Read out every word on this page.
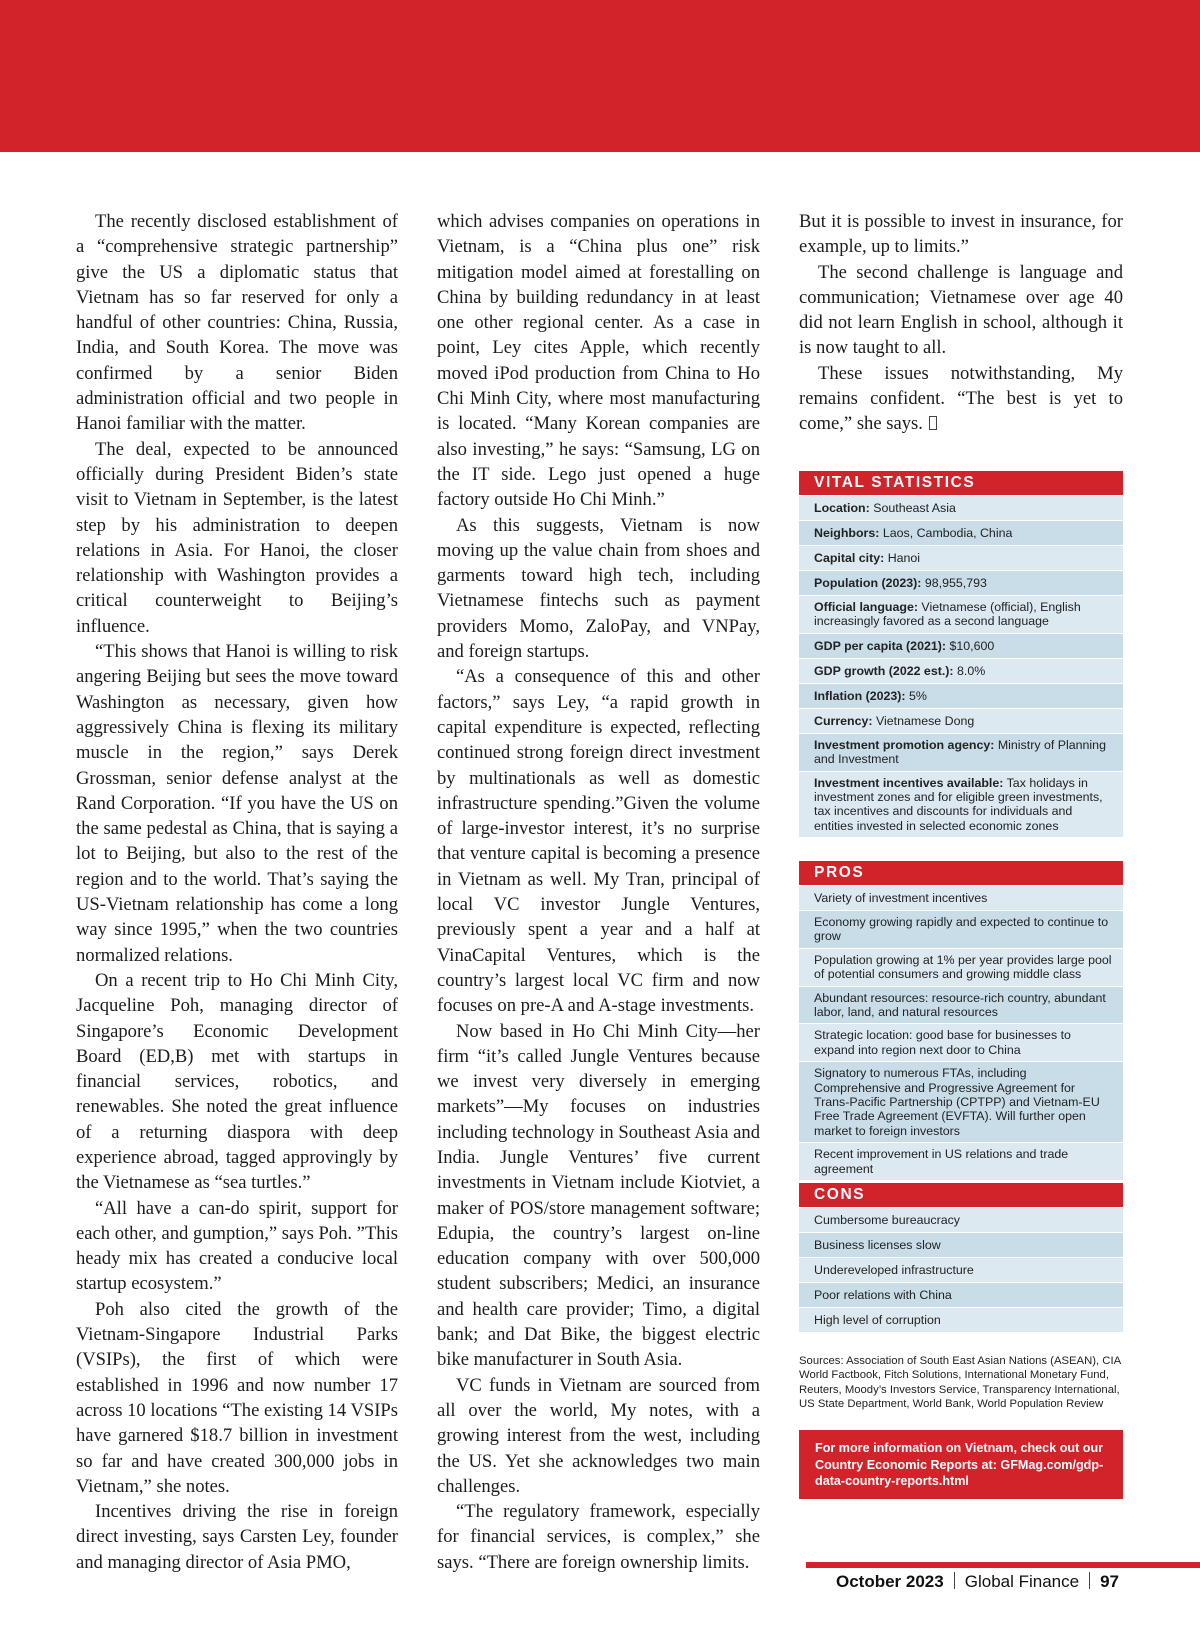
The recently disclosed establishment of a “comprehensive strategic partnership” give the US a diplomatic status that Vietnam has so far reserved for only a handful of other countries: China, Russia, India, and South Korea. The move was confirmed by a senior Biden administration official and two people in Hanoi familiar with the matter.

The deal, expected to be announced officially during President Biden’s state visit to Vietnam in September, is the latest step by his administration to deepen relations in Asia. For Hanoi, the closer relationship with Washington provides a critical counterweight to Beijing’s influence.

“This shows that Hanoi is willing to risk angering Beijing but sees the move toward Washington as necessary, given how aggressively China is flexing its military muscle in the region,” says Derek Grossman, senior defense analyst at the Rand Corporation. “If you have the US on the same pedestal as China, that is saying a lot to Beijing, but also to the rest of the region and to the world. That’s saying the US-Vietnam relationship has come a long way since 1995,” when the two countries normalized relations.

On a recent trip to Ho Chi Minh City, Jacqueline Poh, managing director of Singapore’s Economic Development Board (ED,B) met with startups in financial services, robotics, and renewables. She noted the great influence of a returning diaspora with deep experience abroad, tagged approvingly by the Vietnamese as “sea turtles.”

“All have a can-do spirit, support for each other, and gumption,” says Poh. ”This heady mix has created a conducive local startup ecosystem.”

Poh also cited the growth of the Vietnam-Singapore Industrial Parks (VSIPs), the first of which were established in 1996 and now number 17 across 10 locations “The existing 14 VSIPs have garnered $18.7 billion in investment so far and have created 300,000 jobs in Vietnam,” she notes.

Incentives driving the rise in foreign direct investing, says Carsten Ley, founder and managing director of Asia PMO,

which advises companies on operations in Vietnam, is a “China plus one” risk mitigation model aimed at forestalling on China by building redundancy in at least one other regional center. As a case in point, Ley cites Apple, which recently moved iPod production from China to Ho Chi Minh City, where most manufacturing is located. “Many Korean companies are also investing,” he says: “Samsung, LG on the IT side. Lego just opened a huge factory outside Ho Chi Minh.”

As this suggests, Vietnam is now moving up the value chain from shoes and garments toward high tech, including Vietnamese fintechs such as payment providers Momo, ZaloPay, and VNPay, and foreign startups.

“As a consequence of this and other factors,” says Ley, “a rapid growth in capital expenditure is expected, reflecting continued strong foreign direct investment by multinationals as well as domestic infrastructure spending.”Given the volume of large-investor interest, it’s no surprise that venture capital is becoming a presence in Vietnam as well. My Tran, principal of local VC investor Jungle Ventures, previously spent a year and a half at VinaCapital Ventures, which is the country’s largest local VC firm and now focuses on pre-A and A-stage investments.

Now based in Ho Chi Minh City—her firm “it’s called Jungle Ventures because we invest very diversely in emerging markets”—My focuses on industries including technology in Southeast Asia and India. Jungle Ventures’ five current investments in Vietnam include Kiotviet, a maker of POS/store management software; Edupia, the country’s largest on-line education company with over 500,000 student subscribers; Medici, an insurance and health care provider; Timo, a digital bank; and Dat Bike, the biggest electric bike manufacturer in South Asia.

VC funds in Vietnam are sourced from all over the world, My notes, with a growing interest from the west, including the US. Yet she acknowledges two main challenges.

“The regulatory framework, especially for financial services, is complex,” she says. “There are foreign ownership limits.

But it is possible to invest in insurance, for example, up to limits.”

The second challenge is language and communication; Vietnamese over age 40 did not learn English in school, although it is now taught to all.

These issues notwithstanding, My remains confident. “The best is yet to come,” she says.

VITAL STATISTICS
Location: Southeast Asia
Neighbors: Laos, Cambodia, China
Capital city: Hanoi
Population (2023): 98,955,793
Official language: Vietnamese (official), English increasingly favored as a second language
GDP per capita (2021): $10,600
GDP growth (2022 est.): 8.0%
Inflation (2023): 5%
Currency: Vietnamese Dong
Investment promotion agency: Ministry of Planning and Investment
Investment incentives available: Tax holidays in investment zones and for eligible green investments, tax incentives and discounts for individuals and entities invested in selected economic zones
PROS
Variety of investment incentives
Economy growing rapidly and expected to continue to grow
Population growing at 1% per year provides large pool of potential consumers and growing middle class
Abundant resources: resource-rich country, abundant labor, land, and natural resources
Strategic location: good base for businesses to expand into region next door to China
Signatory to numerous FTAs, including Comprehensive and Progressive Agreement for Trans-Pacific Partnership (CPTPP) and Vietnam-EU Free Trade Agreement (EVFTA). Will further open market to foreign investors
Recent improvement in US relations and trade agreement
CONS
Cumbersome bureaucracy
Business licenses slow
Undereveloped infrastructure
Poor relations with China
High level of corruption
Sources: Association of South East Asian Nations (ASEAN), CIA World Factbook, Fitch Solutions, International Monetary Fund, Reuters, Moody’s Investors Service, Transparency International, US State Department, World Bank, World Population Review
For more information on Vietnam, check out our Country Economic Reports at: GFMag.com/gdp-data-country-reports.html
October 2023 Global Finance 97
